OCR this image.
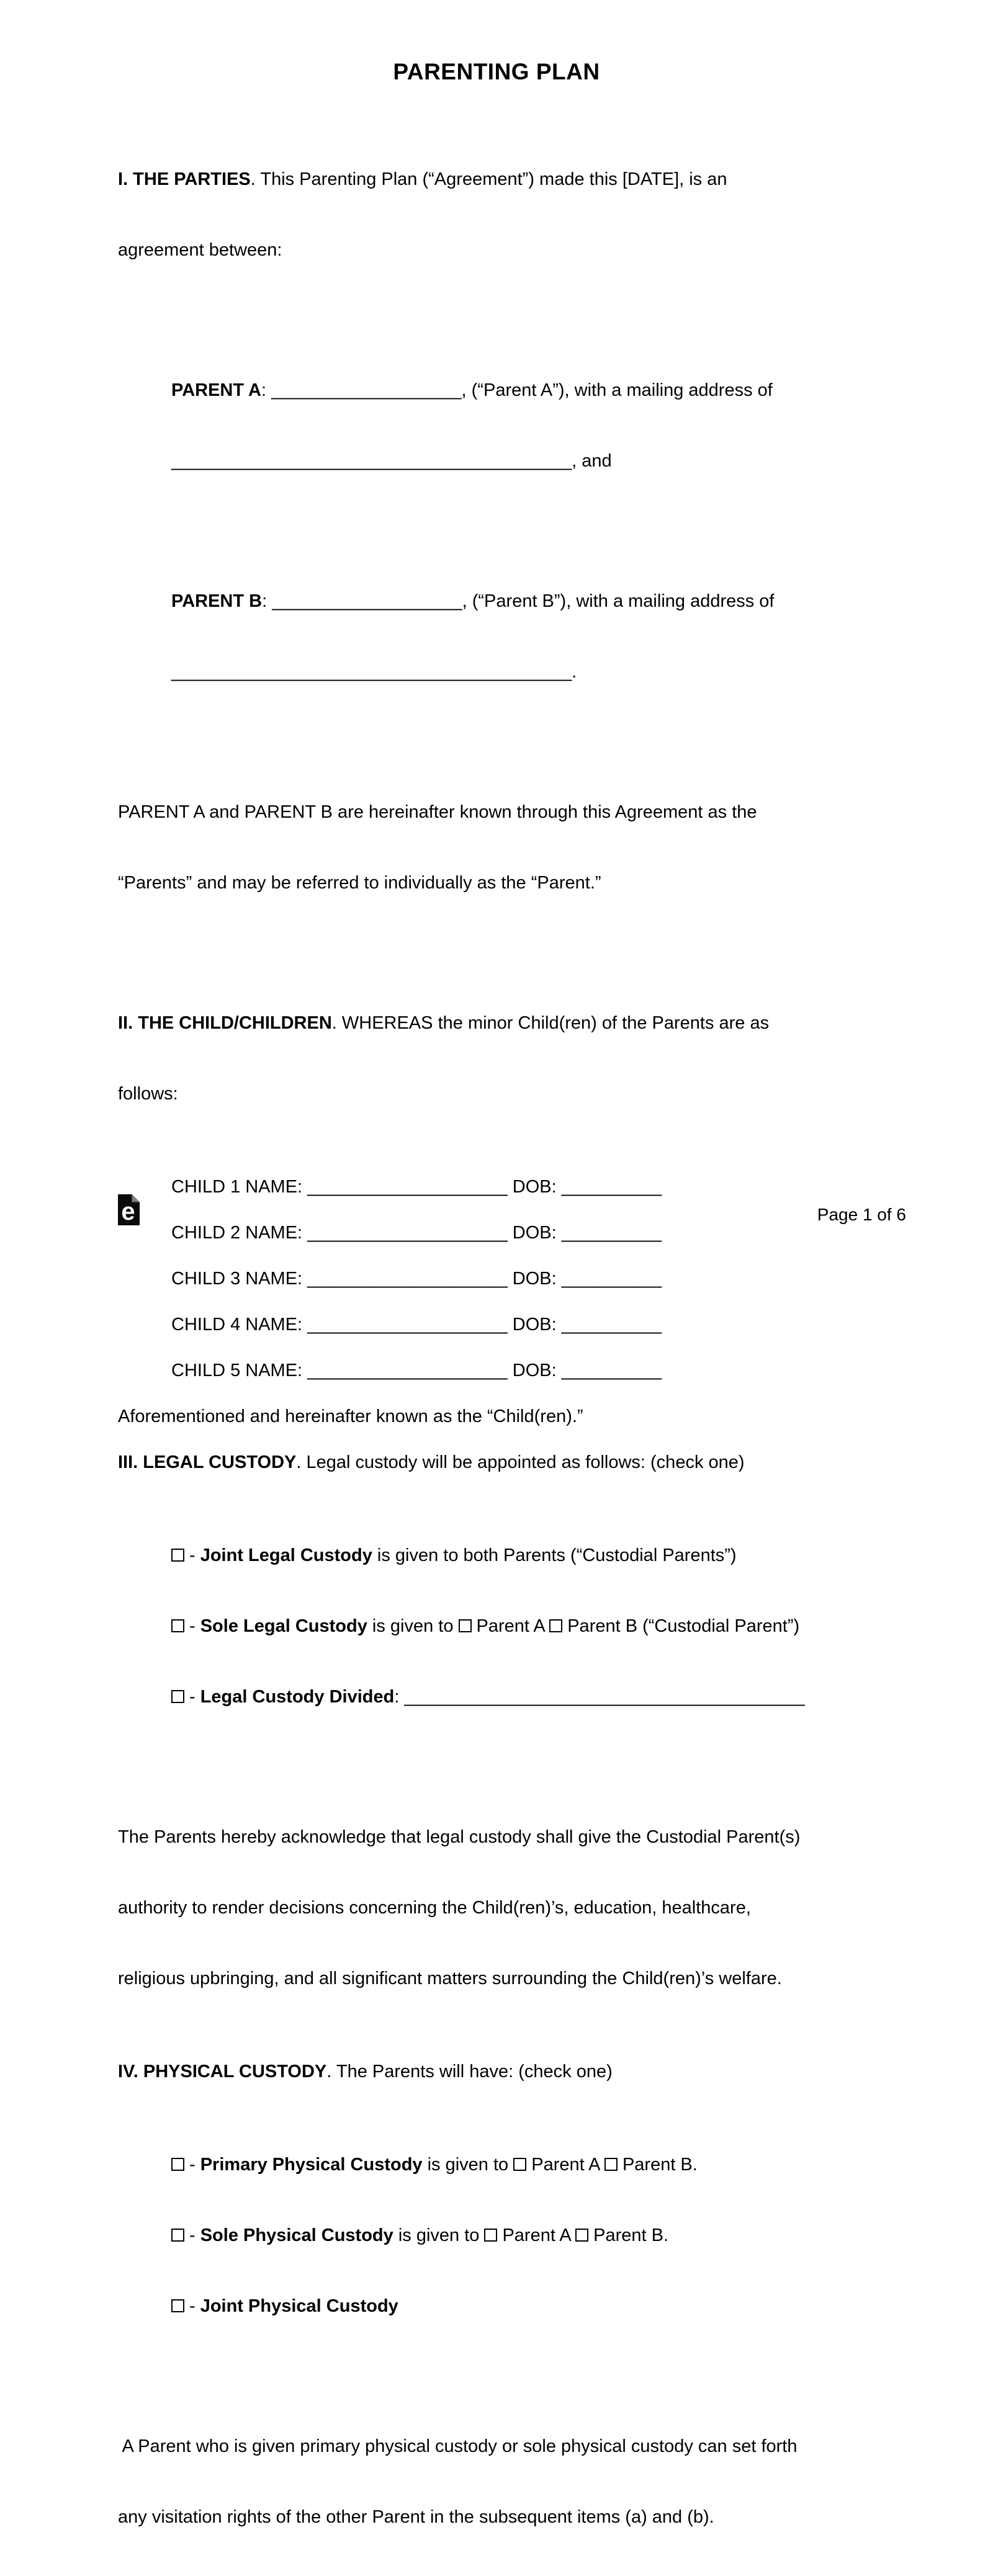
PARENTING PLAN

I. THE PARTIES. This Parenting Plan (“Agreement”) made this [DATE], is an

agreement between:

PARENT A: ___________________, (“Parent A”), with a mailing address of

________________________________________, and

PARENT B: ___________________, (“Parent B”), with a mailing address of

________________________________________.

PARENT A and PARENT B are hereinafter known through this Agreement as the

“Parents” and may be referred to individually as the “Parent.”

II. THE CHILD/CHILDREN. WHEREAS the minor Child(ren) of the Parents are as

follows:

CHILD 1 NAME: ____________________ DOB: __________
CHILD 2 NAME: ____________________ DOB: __________
CHILD 3 NAME: ____________________ DOB: __________
CHILD 4 NAME: ____________________ DOB: __________
CHILD 5 NAME: ____________________ DOB: __________
Aforementioned and hereinafter known as the “Child(ren).”
III. LEGAL CUSTODY. Legal custody will be appointed as follows: (check one)

- Joint Legal Custody is given to both Parents (“Custodial Parents”)

- Sole Legal Custody is given to Parent A Parent B (“Custodial Parent”)

- Legal Custody Divided: ________________________________________

The Parents hereby acknowledge that legal custody shall give the Custodial Parent(s)

authority to render decisions concerning the Child(ren)’s, education, healthcare,

religious upbringing, and all significant matters surrounding the Child(ren)’s welfare.

IV. PHYSICAL CUSTODY. The Parents will have: (check one)

- Primary Physical Custody is given to Parent A Parent B.

- Sole Physical Custody is given to Parent A Parent B.

- Joint Physical Custody

A Parent who is given primary physical custody or sole physical custody can set forth

any visitation rights of the other Parent in the subsequent items (a) and (b).

e	Page 1 of 6
